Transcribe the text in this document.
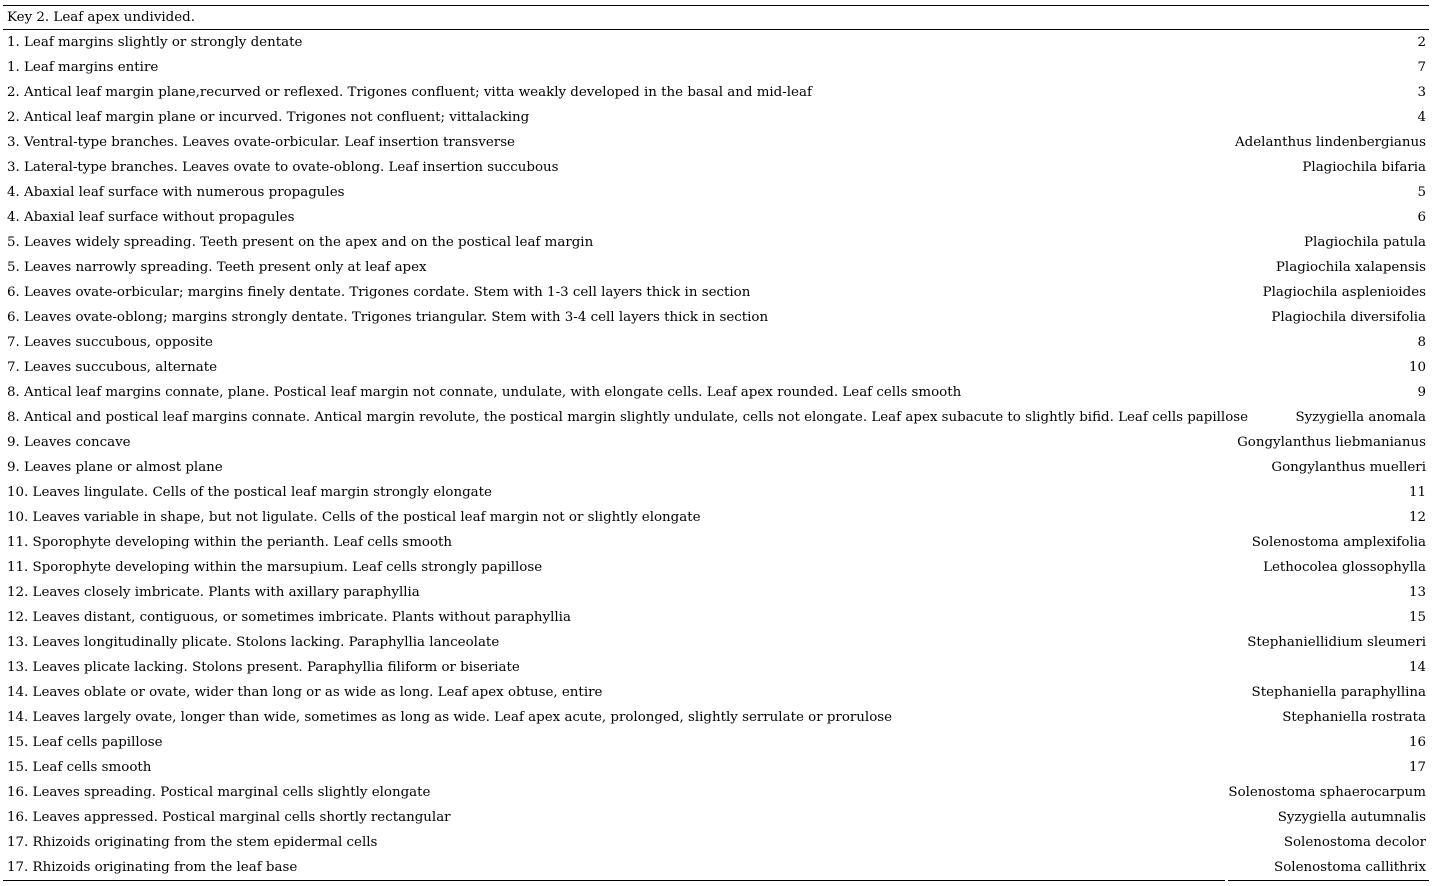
Key 2. Leaf apex undivided.	
1. Leaf margins slightly or strongly dentate	2
1. Leaf margins entire	7
2. Antical leaf margin plane,recurved or reflexed. Trigones confluent; vitta weakly developed in the basal and mid-leaf	3
2. Antical leaf margin plane or incurved. Trigones not confluent; vittalacking	4
3. Ventral-type branches. Leaves ovate-orbicular. Leaf insertion transverse	Adelanthus lindenbergianus
3. Lateral-type branches. Leaves ovate to ovate-oblong. Leaf insertion succubous	Plagiochila bifaria
4. Abaxial leaf surface with numerous propagules	5
4. Abaxial leaf surface without propagules	6
5. Leaves widely spreading. Teeth present on the apex and on the postical leaf margin	Plagiochila patula
5. Leaves narrowly spreading. Teeth present only at leaf apex	Plagiochila xalapensis
6. Leaves ovate-orbicular; margins finely dentate. Trigones cordate. Stem with 1-3 cell layers thick in section	Plagiochila asplenioides
6. Leaves ovate-oblong; margins strongly dentate. Trigones triangular. Stem with 3-4 cell layers thick in section	Plagiochila diversifolia
7. Leaves succubous, opposite	8
7. Leaves succubous, alternate	10
8. Antical leaf margins connate, plane. Postical leaf margin not connate, undulate, with elongate cells. Leaf apex rounded. Leaf cells smooth	9
8. Antical and postical leaf margins connate. Antical margin revolute, the postical margin slightly undulate, cells not elongate. Leaf apex subacute to slightly bifid. Leaf cells papillose	Syzygiella anomala
9. Leaves concave	Gongylanthus liebmanianus
9. Leaves plane or almost plane	Gongylanthus muelleri
10. Leaves lingulate. Cells of the postical leaf margin strongly elongate	11
10. Leaves variable in shape, but not ligulate. Cells of the postical leaf margin not or slightly elongate	12
11. Sporophyte developing within the perianth. Leaf cells smooth	Solenostoma amplexifolia
11. Sporophyte developing within the marsupium. Leaf cells strongly papillose	Lethocolea glossophylla
12. Leaves closely imbricate. Plants with axillary paraphyllia	13
12. Leaves distant, contiguous, or sometimes imbricate. Plants without paraphyllia	15
13. Leaves longitudinally plicate. Stolons lacking. Paraphyllia lanceolate	Stephaniellidium sleumeri
13. Leaves plicate lacking. Stolons present. Paraphyllia filiform or biseriate	14
14. Leaves oblate or ovate, wider than long or as wide as long. Leaf apex obtuse, entire	Stephaniella paraphyllina
14. Leaves largely ovate, longer than wide, sometimes as long as wide. Leaf apex acute, prolonged, slightly serrulate or prorulose	Stephaniella rostrata
15. Leaf cells papillose	16
15. Leaf cells smooth	17
16. Leaves spreading. Postical marginal cells slightly elongate	Solenostoma sphaerocarpum
16. Leaves appressed. Postical marginal cells shortly rectangular	Syzygiella autumnalis
17. Rhizoids originating from the stem epidermal cells	Solenostoma decolor
17. Rhizoids originating from the leaf base	Solenostoma callithrix
